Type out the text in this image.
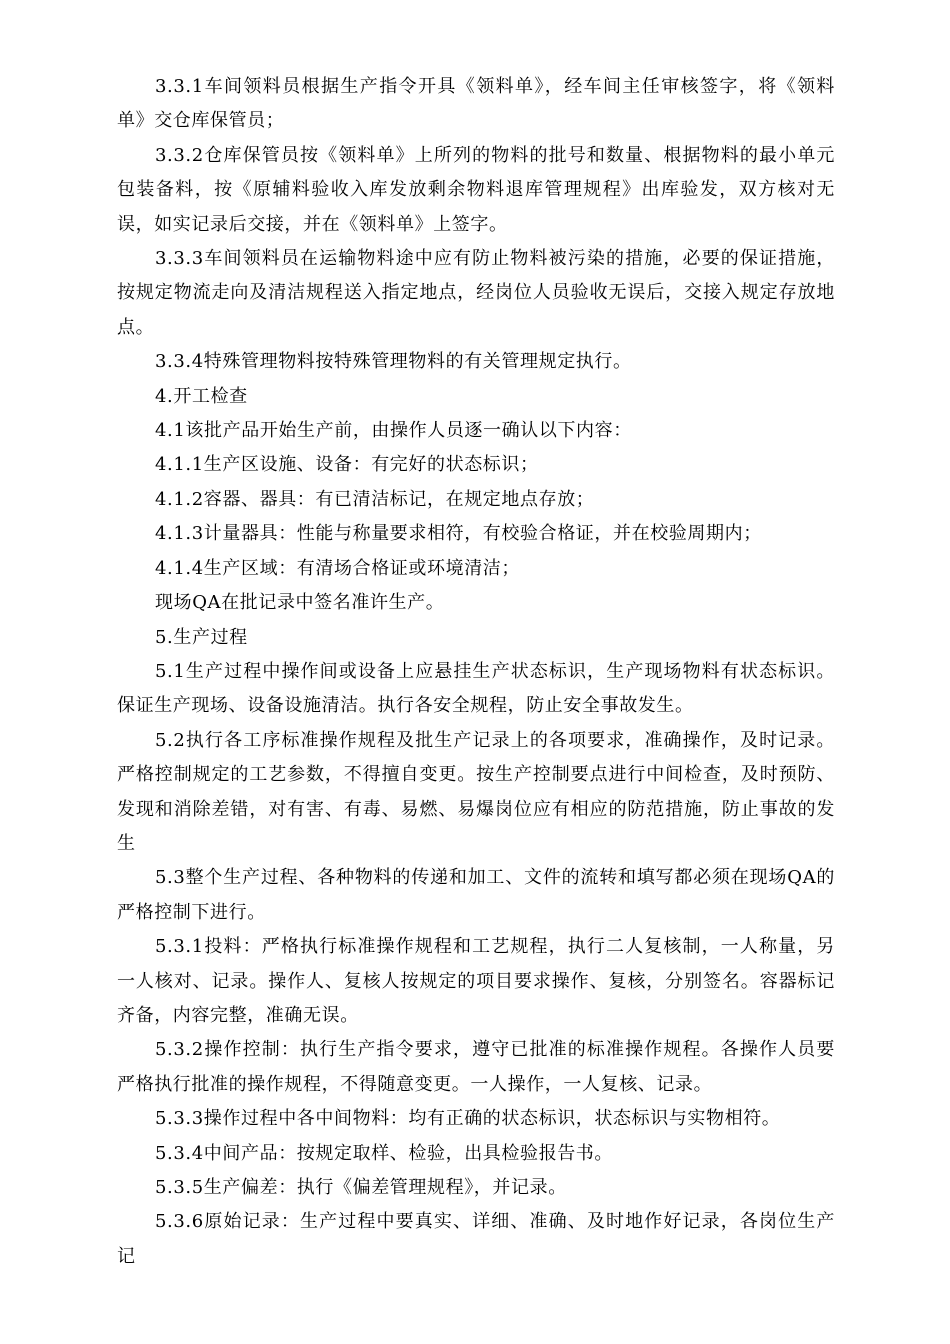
3.3.1车间领料员根据生产指令开具《领料单》，经车间主任审核签字，将《领料单》交仓库保管员；

3.3.2仓库保管员按《领料单》上所列的物料的批号和数量、根据物料的最小单元包装备料，按《原辅料验收入库发放剩余物料退库管理规程》出库验发，双方核对无误，如实记录后交接，并在《领料单》上签字。

3.3.3车间领料员在运输物料途中应有防止物料被污染的措施，必要的保证措施，按规定物流走向及清洁规程送入指定地点，经岗位人员验收无误后，交接入规定存放地点。

3.3.4特殊管理物料按特殊管理物料的有关管理规定执行。

4.开工检查

4.1该批产品开始生产前，由操作人员逐一确认以下内容：

4.1.1生产区设施、设备：有完好的状态标识；

4.1.2容器、器具：有已清洁标记，在规定地点存放；

4.1.3计量器具：性能与称量要求相符，有校验合格证，并在校验周期内；

4.1.4生产区域：有清场合格证或环境清洁；

现场QA在批记录中签名准许生产。

5.生产过程

5.1生产过程中操作间或设备上应悬挂生产状态标识，生产现场物料有状态标识。保证生产现场、设备设施清洁。执行各安全规程，防止安全事故发生。

5.2执行各工序标准操作规程及批生产记录上的各项要求，准确操作，及时记录。严格控制规定的工艺参数，不得擅自变更。按生产控制要点进行中间检查，及时预防、发现和消除差错，对有害、有毒、易燃、易爆岗位应有相应的防范措施，防止事故的发生

5.3整个生产过程、各种物料的传递和加工、文件的流转和填写都必须在现场QA的严格控制下进行。

5.3.1投料：严格执行标准操作规程和工艺规程，执行二人复核制，一人称量，另一人核对、记录。操作人、复核人按规定的项目要求操作、复核，分别签名。容器标记齐备，内容完整，准确无误。

5.3.2操作控制：执行生产指令要求，遵守已批准的标准操作规程。各操作人员要严格执行批准的操作规程，不得随意变更。一人操作，一人复核、记录。

5.3.3操作过程中各中间物料：均有正确的状态标识，状态标识与实物相符。

5.3.4中间产品：按规定取样、检验，出具检验报告书。

5.3.5生产偏差：执行《偏差管理规程》，并记录。

5.3.6原始记录：生产过程中要真实、详细、准确、及时地作好记录，各岗位生产记
